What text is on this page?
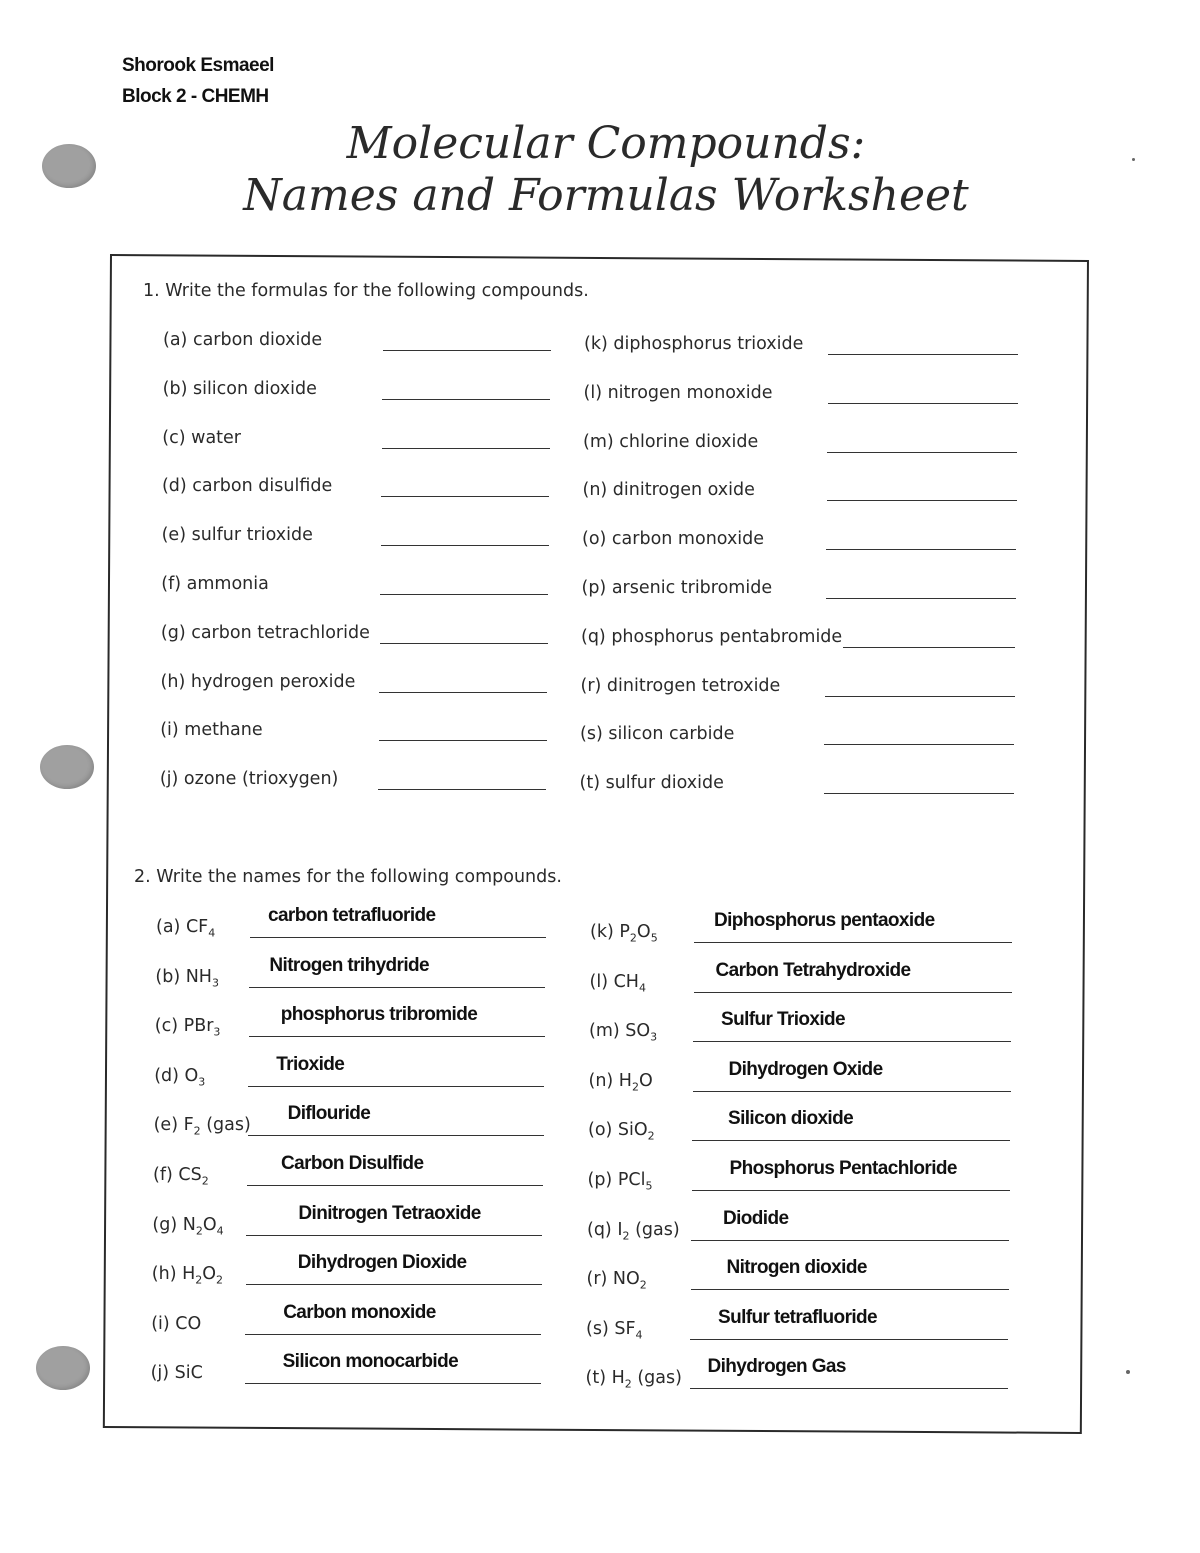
Shorook Esmaeel
Block 2 - CHEMH
Molecular Compounds:
Names and Formulas Worksheet
1. Write the formulas for the following compounds.
(a) carbon dioxide
(b) silicon dioxide
(c) water
(d) carbon disulfide
(e) sulfur trioxide
(f) ammonia
(g) carbon tetrachloride
(h) hydrogen peroxide
(i) methane
(j) ozone (trioxygen)
(k) diphosphorus trioxide
(l) nitrogen monoxide
(m) chlorine dioxide
(n) dinitrogen oxide
(o) carbon monoxide
(p) arsenic tribromide
(q) phosphorus pentabromide
(r) dinitrogen tetroxide
(s) silicon carbide
(t) sulfur dioxide
2. Write the names for the following compounds.
(a) $CF_4$
carbon tetrafluoride
(b) $NH_3$
Nitrogen trihydride
(c) PBr$_3$
phosphorus tribromide
(d) $O_3$
Trioxide
(e) $F_2$ (gas)
Diflouride
(f) $CS_2$
Carbon Disulfide
(g) $N_2O_4$
Dinitrogen Tetraoxide
(h) $H_2O_2$
Dihydrogen Dioxide
(i) CO
Carbon monoxide
(j) SiC
Silicon monocarbide
(k) $P_2O_5$
Diphosphorus pentaoxide
(l) $CH_4$
Carbon Tetrahydroxide
(m) $SO_3$
Sulfur Trioxide
(n) $H_2O$
Dihydrogen Oxide
(o) SiO$_2$
Silicon dioxide
(p) PCl$_5$
Phosphorus Pentachloride
(q) $I_2$ (gas)
Diodide
(r) $NO_2$
Nitrogen dioxide
(s) $SF_4$
Sulfur tetrafluoride
(t) $H_2$ (gas)
Dihydrogen Gas
